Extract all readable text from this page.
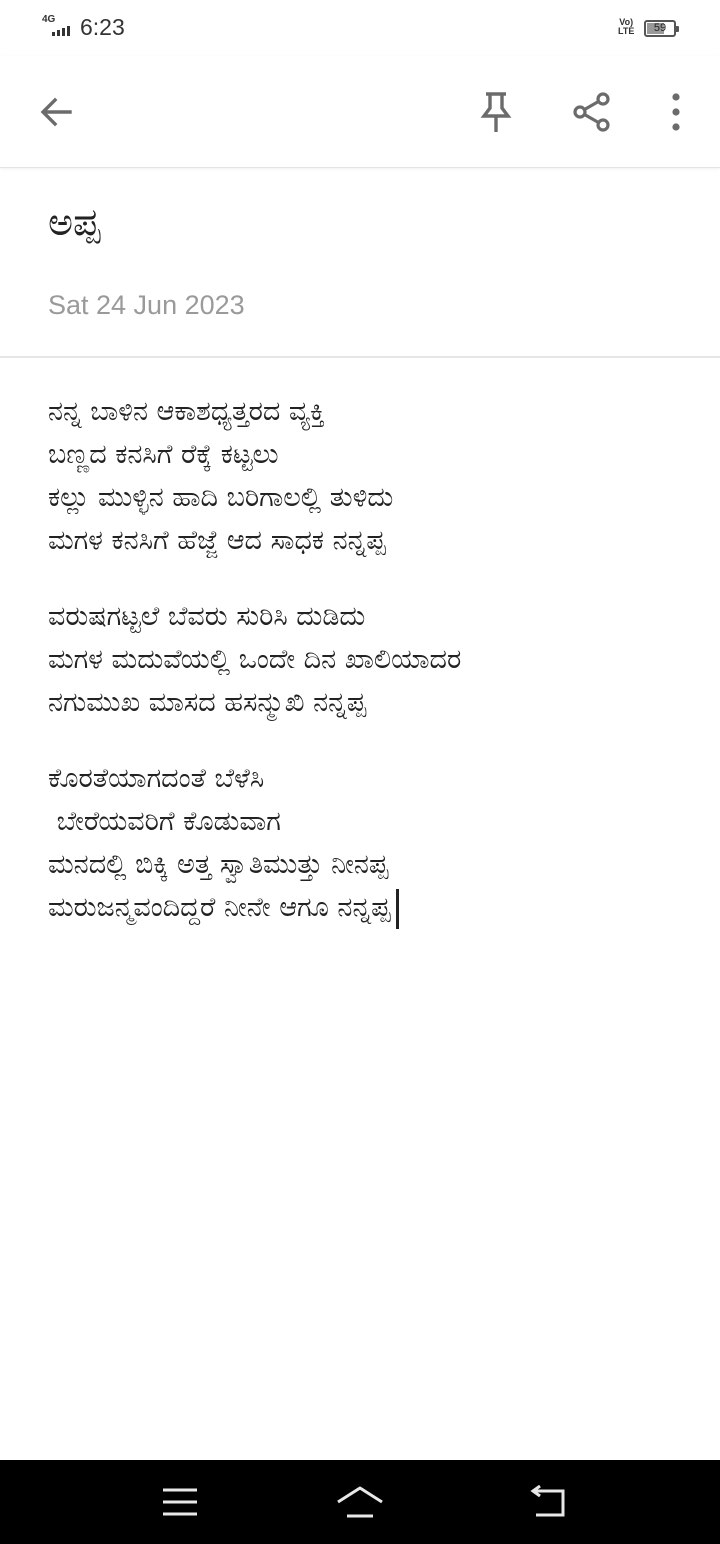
4G 6:23	Vo)
LTE	59
ಅಪ್ಪ
Sat 24 Jun 2023
ನನ್ನ ಬಾಳಿನ ಆಕಾಶಧ್ಯತ್ತರದ ವ್ಯಕ್ತಿ
ಬಣ್ಣದ ಕನಸಿಗೆ ರೆಕ್ಕೆ ಕಟ್ಟಲು
ಕಲ್ಲು ಮುಳ್ಳಿನ ಹಾದಿ ಬರಿಗಾಲಲ್ಲಿ ತುಳಿದು
ಮಗಳ ಕನಸಿಗೆ ಹೆಜ್ಜೆ ಆದ ಸಾಧಕ ನನ್ನಪ್ಪ
ವರುಷಗಟ್ಟಲೆ ಬೆವರು ಸುರಿಸಿ ದುಡಿದು
ಮಗಳ ಮದುವೆಯಲ್ಲಿ ಒಂದೇ ದಿನ ಖಾಲಿಯಾದರ
ನಗುಮುಖ ಮಾಸದ ಹಸನ್ಮುಖಿ ನನ್ನಪ್ಪ
ಕೊರತೆಯಾಗದಂತೆ ಬೆಳೆಸಿ
ಬೇರೆಯವರಿಗೆ ಕೊಡುವಾಗ
ಮನದಲ್ಲಿ ಬಿಕ್ಕಿ ಅತ್ತ ಸ್ವಾತಿಮುತ್ತು ನೀನಪ್ಪ
ಮರುಜನ್ಮವಂದಿದ್ದರೆ ನೀನೇ ಆಗೂ ನನ್ನಪ್ಪ
